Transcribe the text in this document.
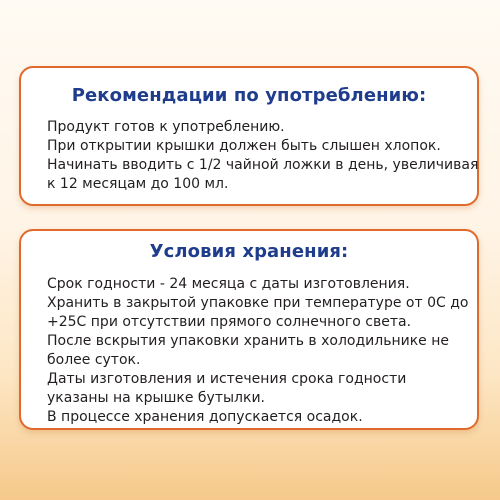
Рекомендации по употреблению:
Продукт готов к употреблению.
При открытии крышки должен быть слышен хлопок.
Начинать вводить с 1/2 чайной ложки в день, увеличивая
к 12 месяцам до 100 мл.
Условия хранения:
Срок годности - 24 месяца с даты изготовления.
Хранить в закрытой упаковке при температуре от 0С до
+25С при отсутствии прямого солнечного света.
После вскрытия упаковки хранить в холодильнике не
более суток.
Даты изготовления и истечения срока годности
указаны на крышке бутылки.
В процессе хранения допускается осадок.
